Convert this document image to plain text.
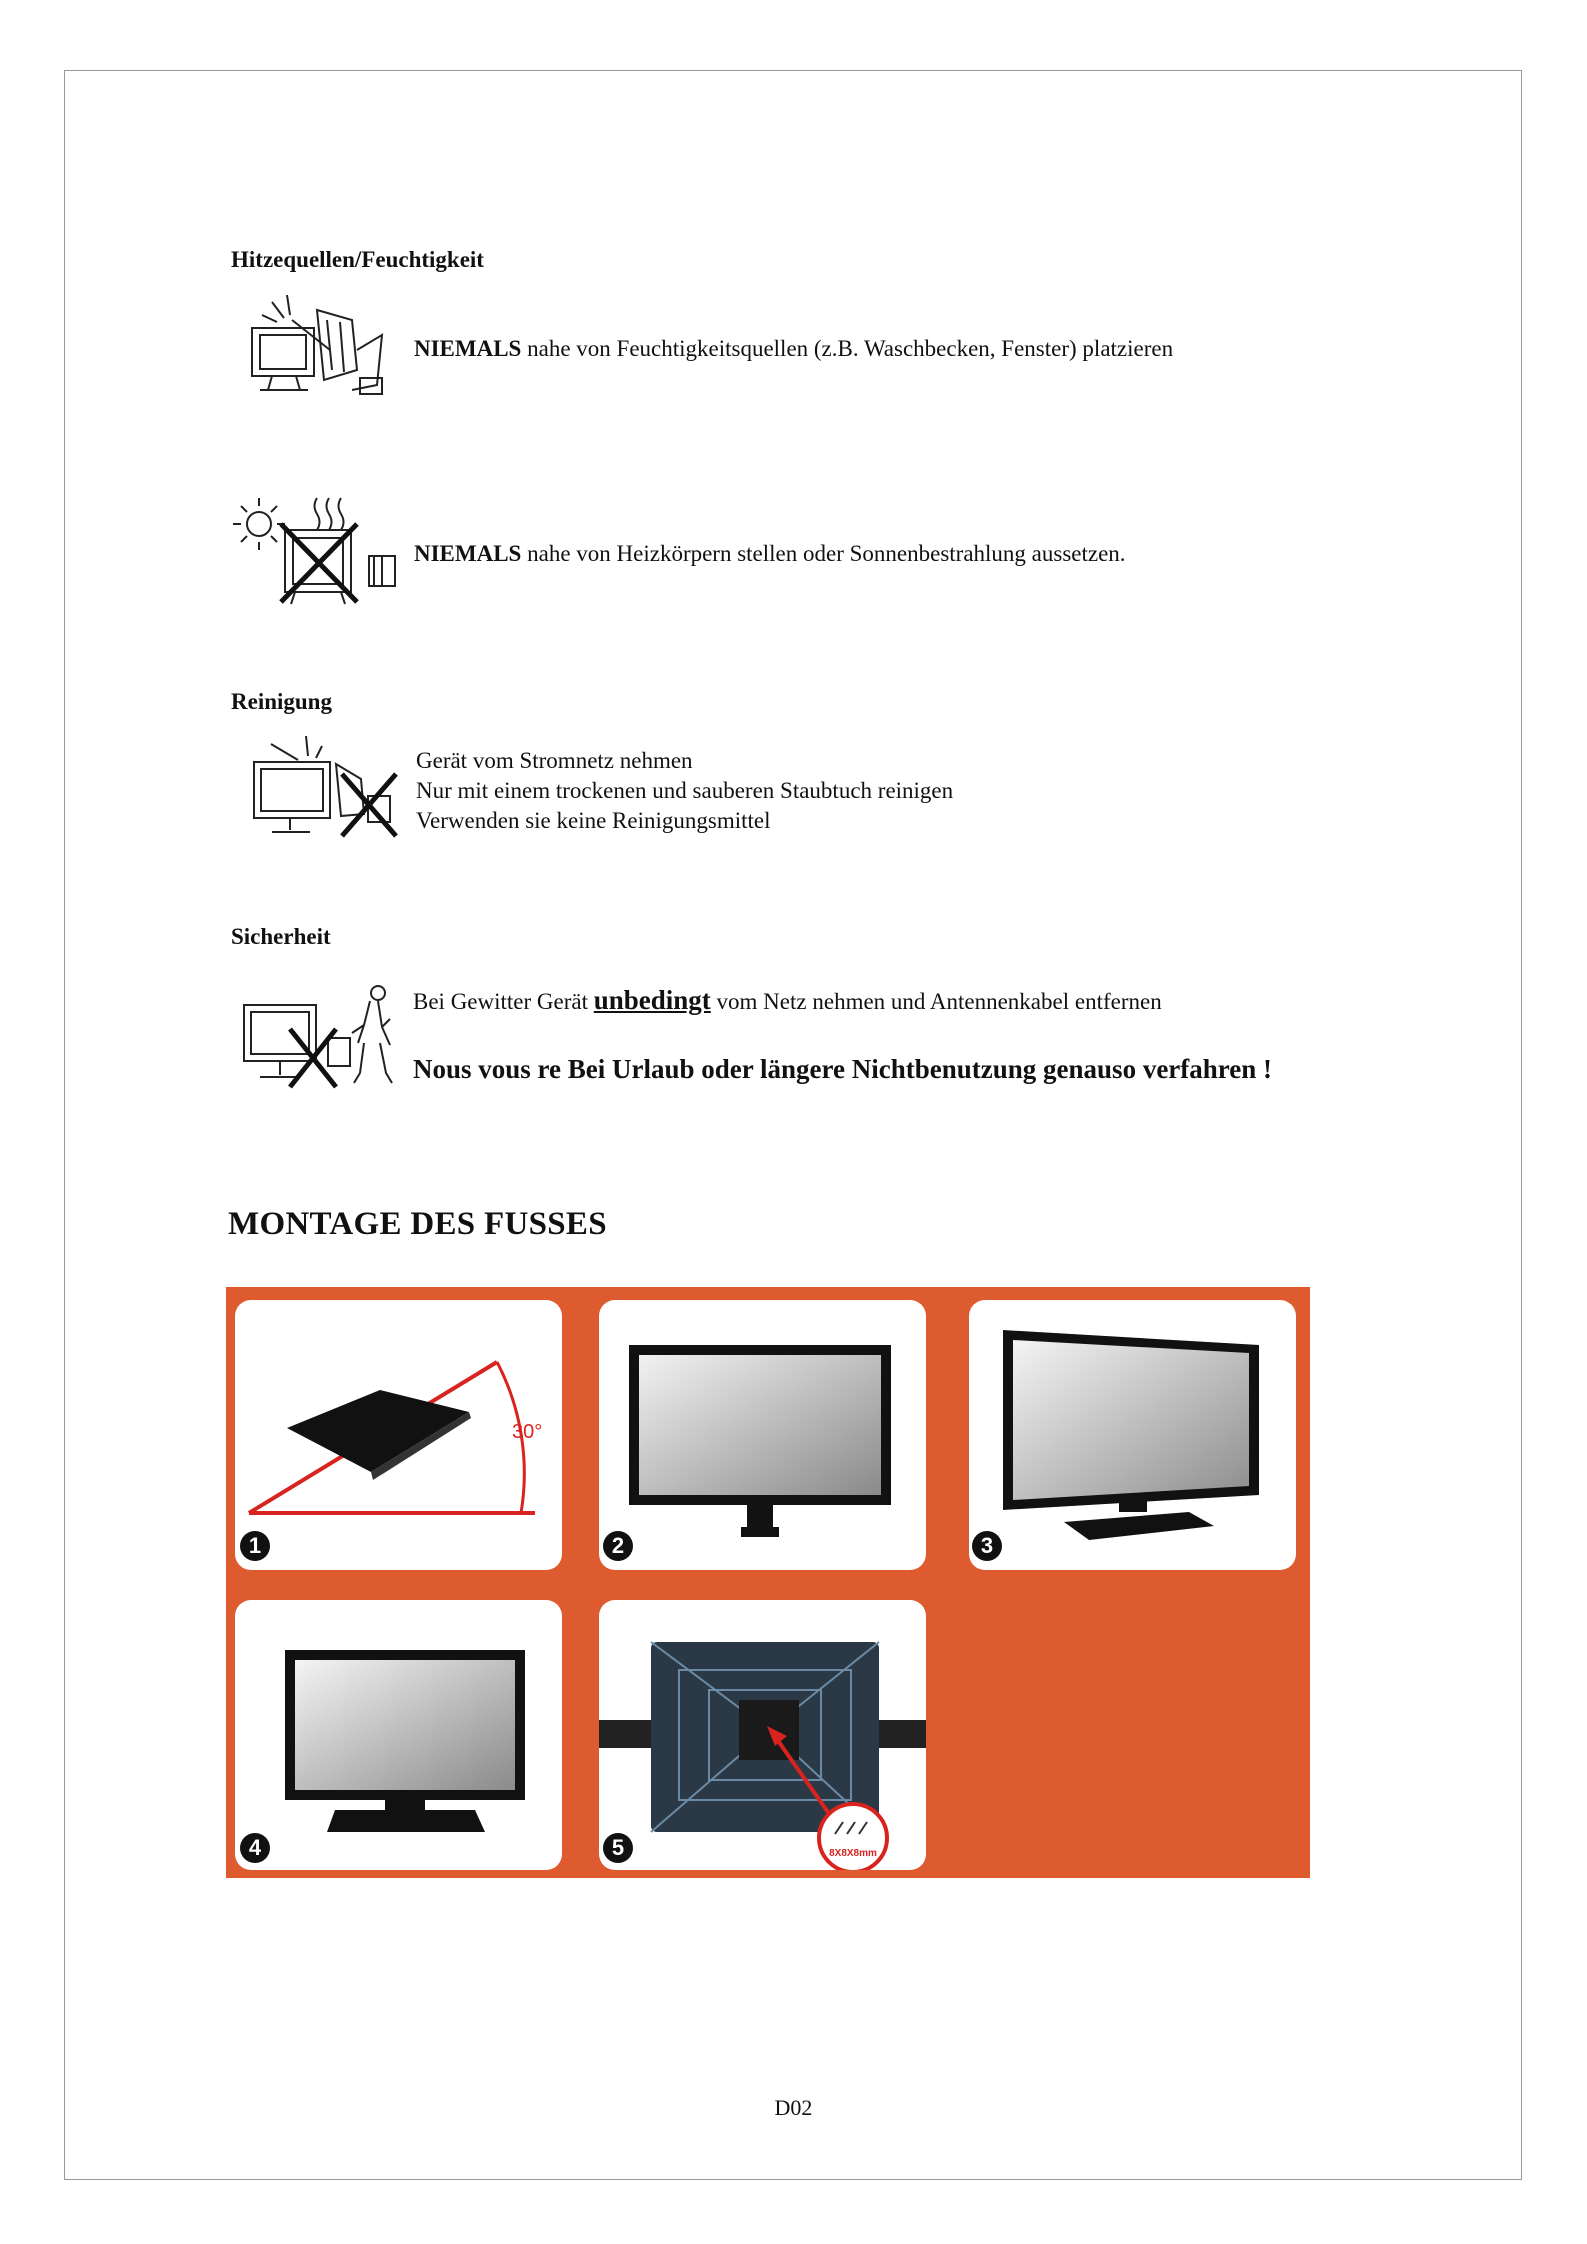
Hitzequellen/Feuchtigkeit
NIEMALS nahe von Feuchtigkeitsquellen (z.B. Waschbecken, Fenster) platzieren
NIEMALS nahe von Heizkörpern stellen oder Sonnenbestrahlung aussetzen.
Reinigung
Gerät vom Stromnetz nehmen
Nur mit einem trockenen und sauberen Staubtuch reinigen
Verwenden sie keine Reinigungsmittel
Sicherheit
Bei Gewitter Gerät unbedingt vom Netz nehmen und Antennenkabel entfernen
Nous vous re Bei Urlaub oder längere Nichtbenutzung genauso verfahren !
MONTAGE DES FUSSES
30°
8X8X8mm
1	2	3
4	5
D02
